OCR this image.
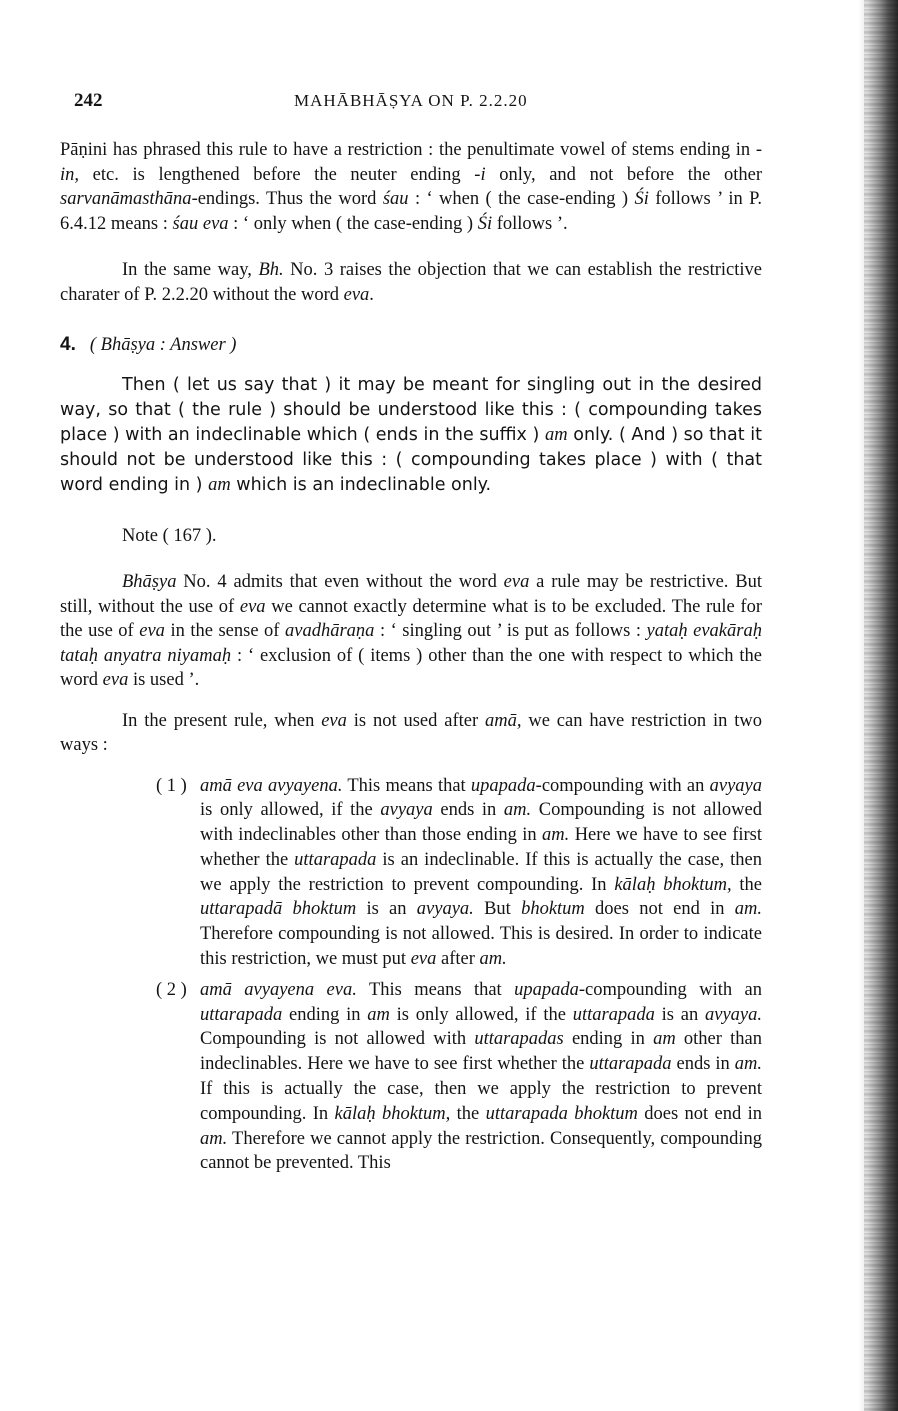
242	MAHĀBHĀṢYA ON P. 2.2.20

Pāṇini has phrased this rule to have a restriction : the penultimate vowel of stems ending in -in, etc. is lengthened before the neuter ending -i only, and not before the other sarvanāmasthāna-endings. Thus the word śau : ‘ when ( the case-ending ) Śi follows ’ in P. 6.4.12 means : śau eva : ‘ only when ( the case-ending ) Śi follows ’.

In the same way, Bh. No. 3 raises the objection that we can establish the restrictive charater of P. 2.2.20 without the word eva.

4. ( Bhāṣya : Answer )

Then ( let us say that ) it may be meant for singling out in the desired way, so that ( the rule ) should be understood like this : ( compounding takes place ) with an indeclinable which ( ends in the suffix ) am only. ( And ) so that it should not be understood like this : ( compounding takes place ) with ( that word ending in ) am which is an indeclinable only.

Note ( 167 ).

Bhāṣya No. 4 admits that even without the word eva a rule may be restrictive. But still, without the use of eva we cannot exactly determine what is to be excluded. The rule for the use of eva in the sense of avadhāraṇa : ‘ singling out ’ is put as follows : yataḥ evakāraḥ tataḥ anyatra niyamaḥ : ‘ exclusion of ( items ) other than the one with respect to which the word eva is used ’.

In the present rule, when eva is not used after amā, we can have restriction in two ways :

( 1 ) amā eva avyayena. This means that upapada-compounding with an avyaya is only allowed, if the avyaya ends in am. Compounding is not allowed with indeclinables other than those ending in am. Here we have to see first whether the uttarapada is an indeclinable. If this is actually the case, then we apply the restriction to prevent compounding. In kālaḥ bhoktum, the uttarapadā bhoktum is an avyaya. But bhoktum does not end in am. Therefore compounding is not allowed. This is desired. In order to indicate this restriction, we must put eva after am.
( 2 ) amā avyayena eva. This means that upapada-compounding with an uttarapada ending in am is only allowed, if the uttarapada is an avyaya. Compounding is not allowed with uttarapadas ending in am other than indeclinables. Here we have to see first whether the uttarapada ends in am. If this is actually the case, then we apply the restriction to prevent compounding. In kālaḥ bhoktum, the uttarapada bhoktum does not end in am. Therefore we cannot apply the restriction. Consequently, compounding cannot be prevented. This
